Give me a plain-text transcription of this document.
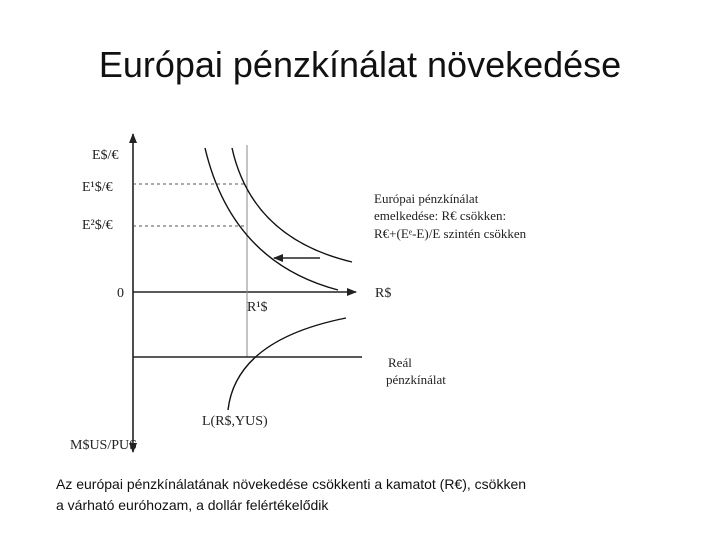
Európai pénzkínálat növekedése
E$/€
E¹$/€
E²$/€
0	R$
R¹$
Európai pénzkínálat
emelkedése: R€ csökken:
R€+(Eᵉ-E)/E szintén csökken
Reál
pénzkínálat
L(R$,YUS)
M$US/PUS
Az európai pénzkínálatának növekedése csökkenti a kamatot (R€), csökken
a várható euróhozam, a dollár felértékelődik
